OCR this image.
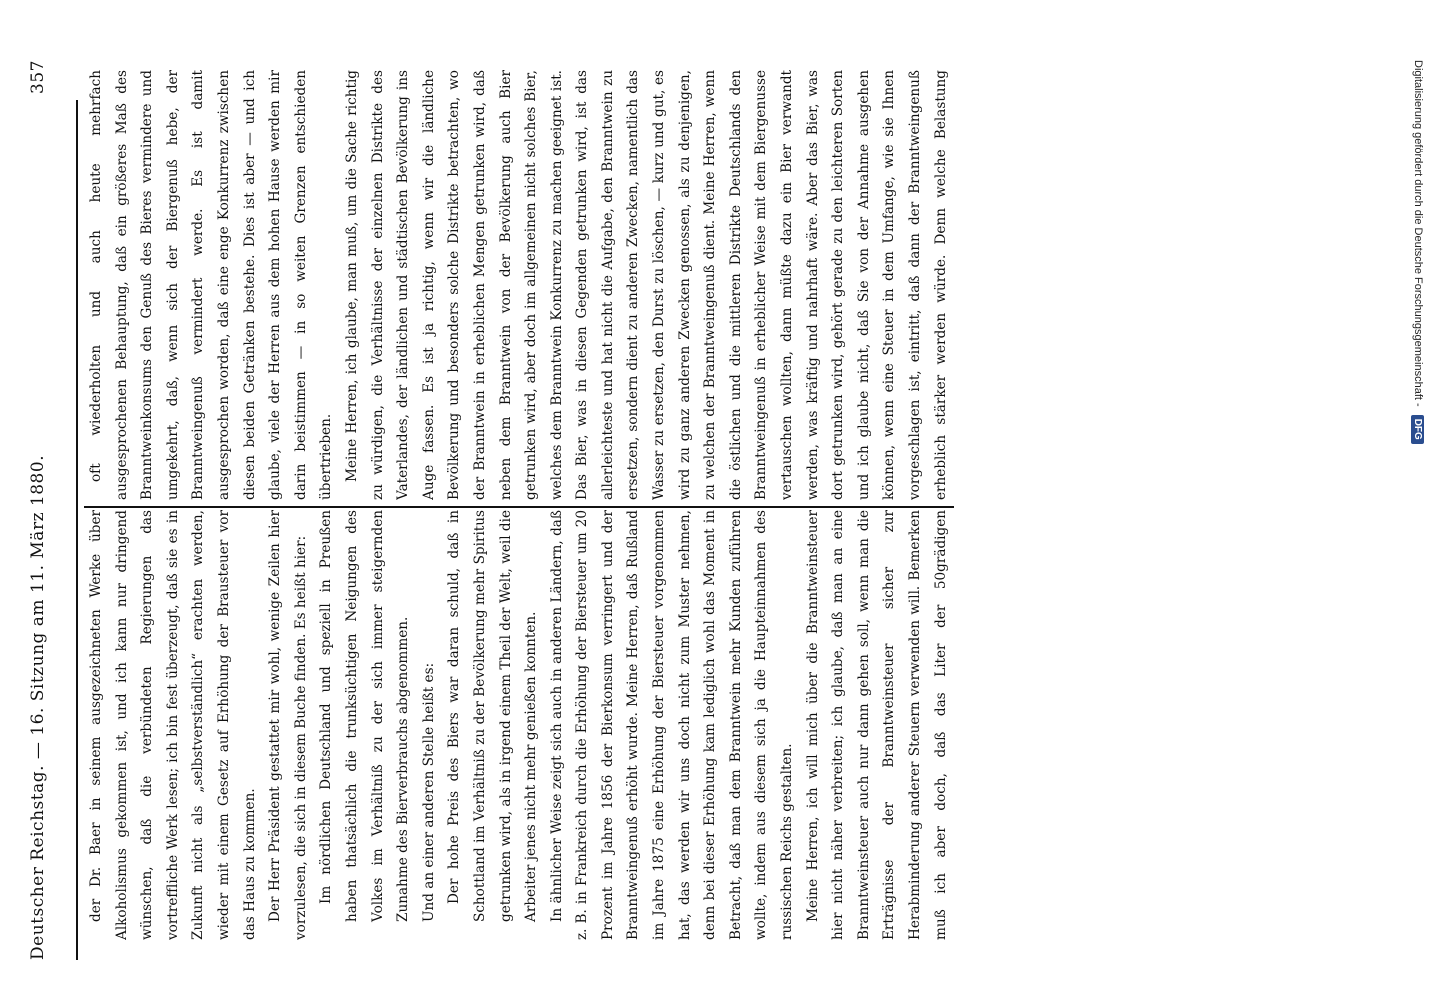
Deutscher Reichstag. — 16. Sitzung am 11. März 1880.
357

der Dr. Baer in seinem ausgezeichneten Werke über Alkoholismus gekommen ist, und ich kann nur dringend wünschen, daß die verbündeten Regierungen das vortreffliche Werk lesen; ich bin fest überzeugt, daß sie es in Zukunft nicht als „selbstverständlich“ erachten werden, wieder mit einem Gesetz auf Erhöhung der Brausteuer vor das Haus zu kommen. Der Herr Präsident gestattet mir wohl, wenige Zeilen hier vorzulesen, die sich in diesem Buche finden. Es heißt hier: Im nördlichen Deutschland und speziell in Preußen haben thatsächlich die trunksüchtigen Neigungen des Volkes im Verhältniß zu der sich immer steigernden Zunahme des Bierverbrauchs abgenommen. Und an einer anderen Stelle heißt es: Der hohe Preis des Biers war daran schuld, daß in Schottland im Verhältniß zu der Bevölkerung mehr Spiritus getrunken wird, als in irgend einem Theil der Welt, weil die Arbeiter jenes nicht mehr genießen konnten. In ähnlicher Weise zeigt sich auch in anderen Ländern, daß z. B. in Frankreich durch die Erhöhung der Biersteuer um 20 Prozent im Jahre 1856 der Bierkonsum verringert und der Branntweingenuß erhöht wurde. Meine Herren, daß Rußland im Jahre 1875 eine Erhöhung der Biersteuer vorgenommen hat, das werden wir uns doch nicht zum Muster nehmen, denn bei dieser Erhöhung kam lediglich wohl das Moment in Betracht, daß man dem Branntwein mehr Kunden zuführen wollte, indem aus diesem sich ja die Haupteinnahmen des russischen Reichs gestalten. Meine Herren, ich will mich über die Branntweinsteuer hier nicht näher verbreiten; ich glaube, daß man an eine Branntweinsteuer auch nur dann gehen soll, wenn man die Erträgnisse der Branntweinsteuer sicher zur Herabminderung anderer Steuern verwenden will. Bemerken muß ich aber doch, daß das Liter der 50grädigen

oft wiederholten und auch heute mehrfach ausgesprochenen Behauptung, daß ein größeres Maß des Branntweinkonsums den Genuß des Bieres vermindere und umgekehrt, daß, wenn sich der Biergenuß hebe, der Branntweingenuß vermindert werde. Es ist damit ausgesprochen worden, daß eine enge Konkurrenz zwischen diesen beiden Getränken bestehe. Dies ist aber — und ich glaube, viele der Herren aus dem hohen Hause werden mir darin beistimmen — in so weiten Grenzen entschieden übertrieben. Meine Herren, ich glaube, man muß, um die Sache richtig zu würdigen, die Verhältnisse der einzelnen Distrikte des Vaterlandes, der ländlichen und städtischen Bevölkerung ins Auge fassen. Es ist ja richtig, wenn wir die ländliche Bevölkerung und besonders solche Distrikte betrachten, wo der Branntwein in erheblichen Mengen getrunken wird, daß neben dem Branntwein von der Bevölkerung auch Bier getrunken wird, aber doch im allgemeinen nicht solches Bier, welches dem Branntwein Konkurrenz zu machen geeignet ist. Das Bier, was in diesen Gegenden getrunken wird, ist das allerleichteste und hat nicht die Aufgabe, den Branntwein zu ersetzen, sondern dient zu anderen Zwecken, namentlich das Wasser zu ersetzen, den Durst zu löschen, — kurz und gut, es wird zu ganz anderen Zwecken genossen, als zu denjenigen, zu welchen der Branntweingenuß dient. Meine Herren, wenn die östlichen und die mittleren Distrikte Deutschlands den Branntweingenuß in erheblicher Weise mit dem Biergenusse vertauschen wollten, dann müßte dazu ein Bier verwandt werden, was kräftig und nahrhaft wäre. Aber das Bier, was dort getrunken wird, gehört gerade zu den leichteren Sorten und ich glaube nicht, daß Sie von der Annahme ausgehen können, wenn eine Steuer in dem Umfange, wie sie Ihnen vorgeschlagen ist, eintritt, daß dann der Branntweingenuß erheblich stärker werden würde. Denn welche Belastung	Digitalisierung gefördert durch die Deutsche Forschungsgemeinschaft -
DFG
